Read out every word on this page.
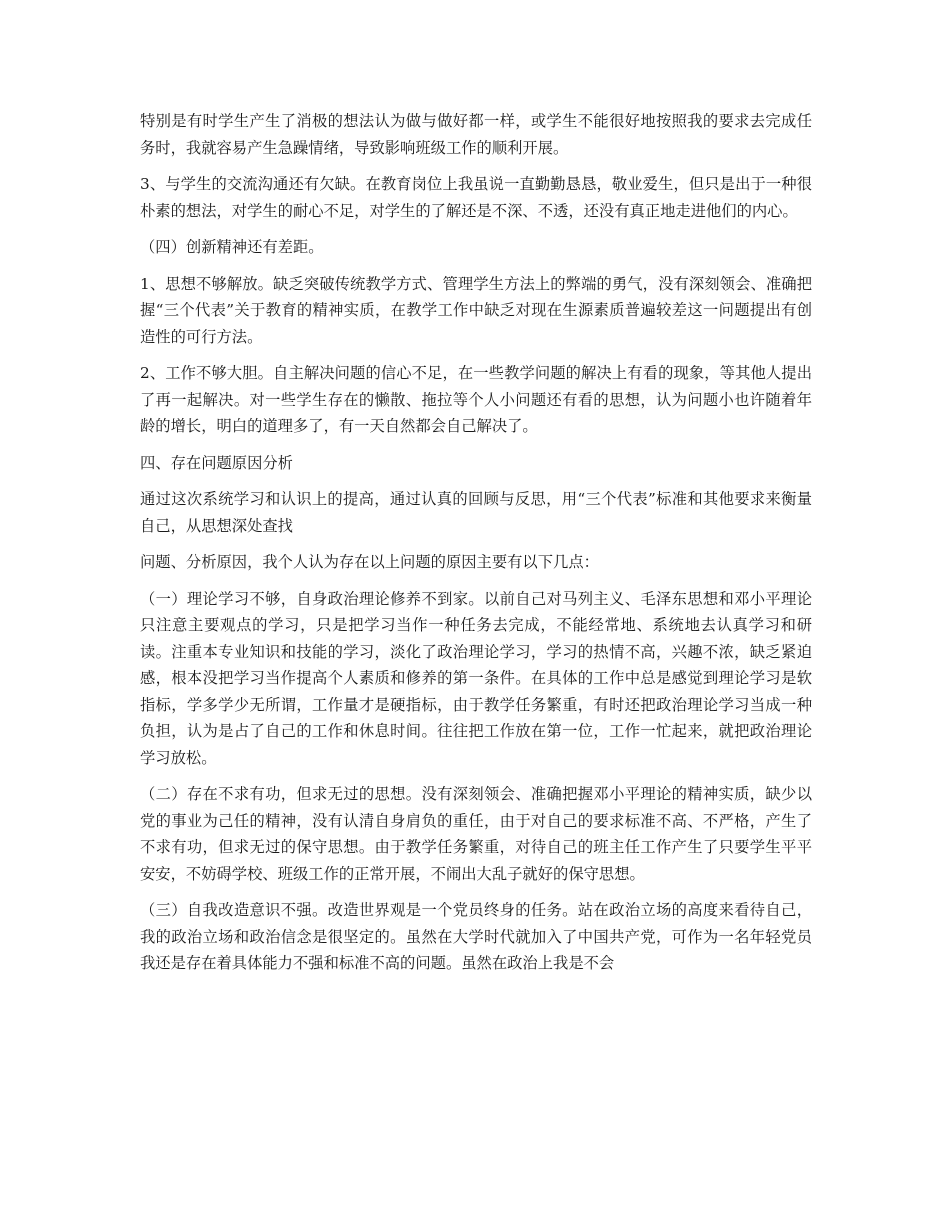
特别是有时学生产生了消极的想法认为做与做好都一样，或学生不能很好地按照我的要求去完成任务时，我就容易产生急躁情绪，导致影响班级工作的顺利开展。

3、与学生的交流沟通还有欠缺。在教育岗位上我虽说一直勤勤恳恳，敬业爱生，但只是出于一种很朴素的想法，对学生的耐心不足，对学生的了解还是不深、不透，还没有真正地走进他们的内心。

（四）创新精神还有差距。

1、思想不够解放。缺乏突破传统教学方式、管理学生方法上的弊端的勇气，没有深刻领会、准确把握“三个代表”关于教育的精神实质，在教学工作中缺乏对现在生源素质普遍较差这一问题提出有创造性的可行方法。

2、工作不够大胆。自主解决问题的信心不足，在一些教学问题的解决上有看的现象，等其他人提出了再一起解决。对一些学生存在的懒散、拖拉等个人小问题还有看的思想，认为问题小也许随着年龄的增长，明白的道理多了，有一天自然都会自己解决了。

四、存在问题原因分析

通过这次系统学习和认识上的提高，通过认真的回顾与反思，用“三个代表”标准和其他要求来衡量自己，从思想深处查找

问题、分析原因，我个人认为存在以上问题的原因主要有以下几点：

（一）理论学习不够，自身政治理论修养不到家。以前自己对马列主义、毛泽东思想和邓小平理论只注意主要观点的学习，只是把学习当作一种任务去完成，不能经常地、系统地去认真学习和研读。注重本专业知识和技能的学习，淡化了政治理论学习，学习的热情不高，兴趣不浓，缺乏紧迫感，根本没把学习当作提高个人素质和修养的第一条件。在具体的工作中总是感觉到理论学习是软指标，学多学少无所谓，工作量才是硬指标，由于教学任务繁重，有时还把政治理论学习当成一种负担，认为是占了自己的工作和休息时间。往往把工作放在第一位，工作一忙起来，就把政治理论学习放松。

（二）存在不求有功，但求无过的思想。没有深刻领会、准确把握邓小平理论的精神实质，缺少以党的事业为己任的精神，没有认清自身肩负的重任，由于对自己的要求标准不高、不严格，产生了不求有功，但求无过的保守思想。由于教学任务繁重，对待自己的班主任工作产生了只要学生平平安安，不妨碍学校、班级工作的正常开展，不闹出大乱子就好的保守思想。

（三）自我改造意识不强。改造世界观是一个党员终身的任务。站在政治立场的高度来看待自己，我的政治立场和政治信念是很坚定的。虽然在大学时代就加入了中国共产党，可作为一名年轻党员我还是存在着具体能力不强和标准不高的问题。虽然在政治上我是不会
